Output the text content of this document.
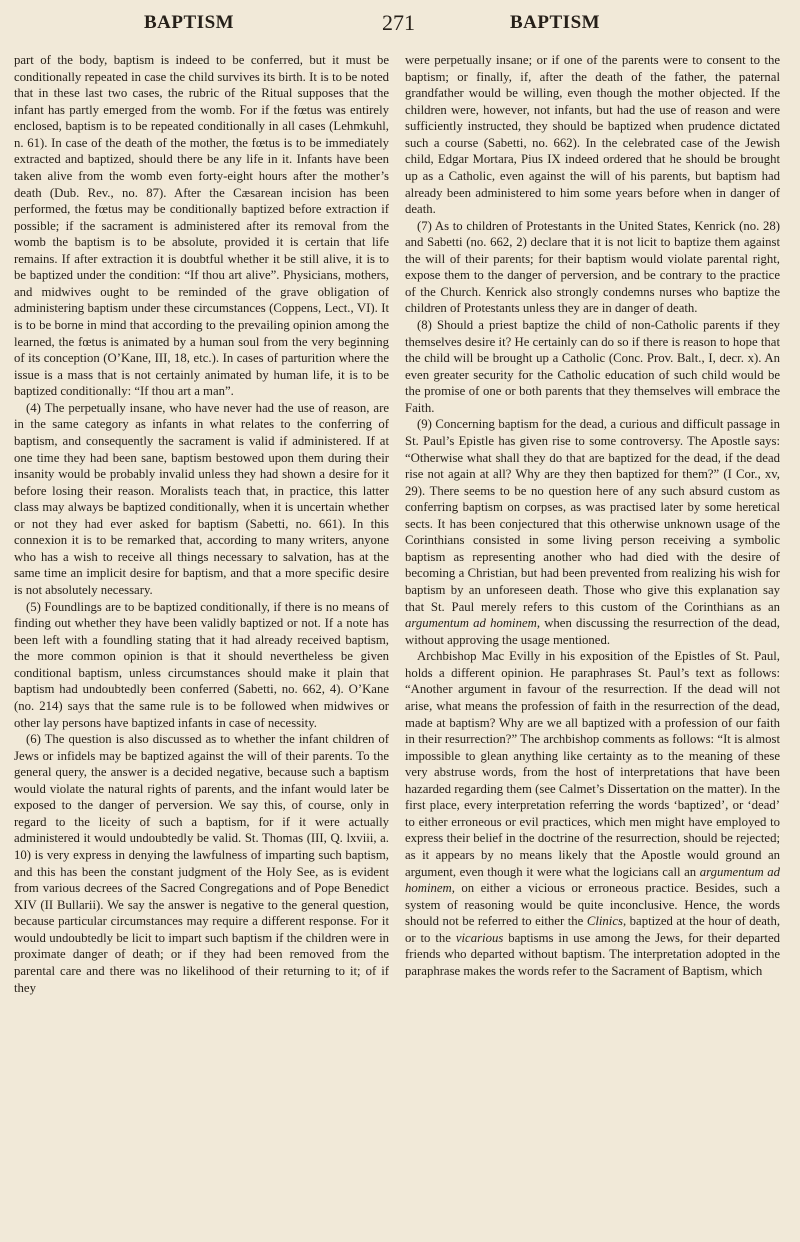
BAPTISM	271	BAPTISM

part of the body, baptism is indeed to be conferred, but it must be conditionally repeated in case the child survives its birth. It is to be noted that in these last two cases, the rubric of the Ritual supposes that the infant has partly emerged from the womb. For if the fœtus was entirely enclosed, baptism is to be repeated conditionally in all cases (Lehmkuhl, n. 61). In case of the death of the mother, the fœtus is to be immediately extracted and baptized, should there be any life in it. Infants have been taken alive from the womb even forty-eight hours after the mother’s death (Dub. Rev., no. 87). After the Cæsarean incision has been performed, the fœtus may be conditionally baptized before extraction if possible; if the sacrament is administered after its removal from the womb the baptism is to be absolute, provided it is certain that life remains. If after extraction it is doubtful whether it be still alive, it is to be baptized under the condition: “If thou art alive”. Physicians, mothers, and midwives ought to be reminded of the grave obligation of administering baptism under these circumstances (Coppens, Lect., VI). It is to be borne in mind that according to the prevailing opinion among the learned, the fœtus is animated by a human soul from the very beginning of its conception (O’Kane, III, 18, etc.). In cases of parturition where the issue is a mass that is not certainly animated by human life, it is to be baptized conditionally: “If thou art a man”.

(4) The perpetually insane, who have never had the use of reason, are in the same category as infants in what relates to the conferring of baptism, and consequently the sacrament is valid if administered. If at one time they had been sane, baptism bestowed upon them during their insanity would be probably invalid unless they had shown a desire for it before losing their reason. Moralists teach that, in practice, this latter class may always be baptized conditionally, when it is uncertain whether or not they had ever asked for baptism (Sabetti, no. 661). In this connexion it is to be remarked that, according to many writers, anyone who has a wish to receive all things necessary to salvation, has at the same time an implicit desire for baptism, and that a more specific desire is not absolutely necessary.

(5) Foundlings are to be baptized conditionally, if there is no means of finding out whether they have been validly baptized or not. If a note has been left with a foundling stating that it had already received baptism, the more common opinion is that it should nevertheless be given conditional baptism, unless circumstances should make it plain that baptism had undoubtedly been conferred (Sabetti, no. 662, 4). O’Kane (no. 214) says that the same rule is to be followed when midwives or other lay persons have baptized infants in case of necessity.

(6) The question is also discussed as to whether the infant children of Jews or infidels may be baptized against the will of their parents. To the general query, the answer is a decided negative, because such a baptism would violate the natural rights of parents, and the infant would later be exposed to the danger of perversion. We say this, of course, only in regard to the liceity of such a baptism, for if it were actually administered it would undoubtedly be valid. St. Thomas (III, Q. lxviii, a. 10) is very express in denying the lawfulness of imparting such baptism, and this has been the constant judgment of the Holy See, as is evident from various decrees of the Sacred Congregations and of Pope Benedict XIV (II Bullarii). We say the answer is negative to the general question, because particular circumstances may require a different response. For it would undoubtedly be licit to impart such baptism if the children were in proximate danger of death; or if they had been removed from the parental care and there was no likelihood of their returning to it; of if they

were perpetually insane; or if one of the parents were to consent to the baptism; or finally, if, after the death of the father, the paternal grandfather would be willing, even though the mother objected. If the children were, however, not infants, but had the use of reason and were sufficiently instructed, they should be baptized when prudence dictated such a course (Sabetti, no. 662). In the celebrated case of the Jewish child, Edgar Mortara, Pius IX indeed ordered that he should be brought up as a Catholic, even against the will of his parents, but baptism had already been administered to him some years before when in danger of death.

(7) As to children of Protestants in the United States, Kenrick (no. 28) and Sabetti (no. 662, 2) declare that it is not licit to baptize them against the will of their parents; for their baptism would violate parental right, expose them to the danger of perversion, and be contrary to the practice of the Church. Kenrick also strongly condemns nurses who baptize the children of Protestants unless they are in danger of death.

(8) Should a priest baptize the child of non-Catholic parents if they themselves desire it? He certainly can do so if there is reason to hope that the child will be brought up a Catholic (Conc. Prov. Balt., I, decr. x). An even greater security for the Catholic education of such child would be the promise of one or both parents that they themselves will embrace the Faith.

(9) Concerning baptism for the dead, a curious and difficult passage in St. Paul’s Epistle has given rise to some controversy. The Apostle says: “Otherwise what shall they do that are baptized for the dead, if the dead rise not again at all? Why are they then baptized for them?” (I Cor., xv, 29). There seems to be no question here of any such absurd custom as conferring baptism on corpses, as was practised later by some heretical sects. It has been conjectured that this otherwise unknown usage of the Corinthians consisted in some living person receiving a symbolic baptism as representing another who had died with the desire of becoming a Christian, but had been prevented from realizing his wish for baptism by an unforeseen death. Those who give this explanation say that St. Paul merely refers to this custom of the Corinthians as an argumentum ad hominem, when discussing the resurrection of the dead, without approving the usage mentioned.

Archbishop Mac Evilly in his exposition of the Epistles of St. Paul, holds a different opinion. He paraphrases St. Paul’s text as follows: “Another argument in favour of the resurrection. If the dead will not arise, what means the profession of faith in the resurrection of the dead, made at baptism? Why are we all baptized with a profession of our faith in their resurrection?” The archbishop comments as follows: “It is almost impossible to glean anything like certainty as to the meaning of these very abstruse words, from the host of interpretations that have been hazarded regarding them (see Calmet’s Dissertation on the matter). In the first place, every interpretation referring the words ‘baptized’, or ‘dead’ to either erroneous or evil practices, which men might have employed to express their belief in the doctrine of the resurrection, should be rejected; as it appears by no means likely that the Apostle would ground an argument, even though it were what the logicians call an argumentum ad hominem, on either a vicious or erroneous practice. Besides, such a system of reasoning would be quite inconclusive. Hence, the words should not be referred to either the Clinics, baptized at the hour of death, or to the vicarious baptisms in use among the Jews, for their departed friends who departed without baptism. The interpretation adopted in the paraphrase makes the words refer to the Sacrament of Baptism, which
